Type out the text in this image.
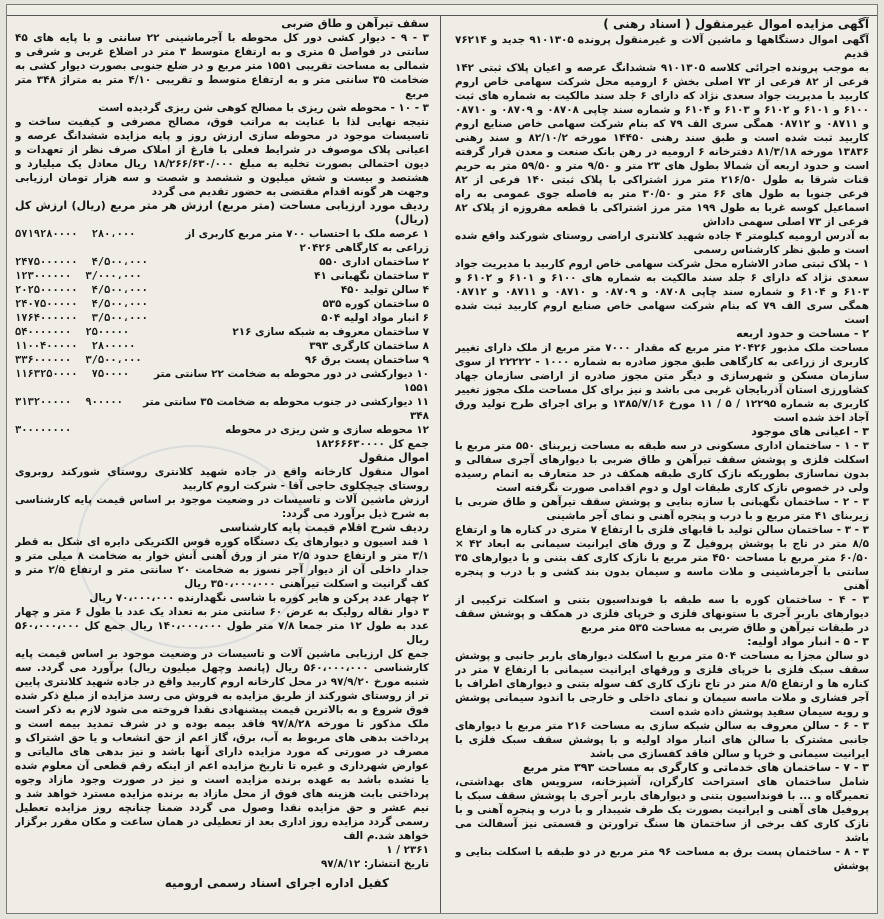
آگهی مزایده اموال غیرمنقول ( اسناد رهنی )

آگهی اموال دستگاهها و ماشین آلات و غیرمنقول پرونده ۹۱۰۱۳۰۵ جدید و ۷۶۲۱۴ قدیم

به موجب پرونده اجرائی کلاسه ۹۱۰۱۳۰۵ ششدانگ عرصه و اعیان پلاک ثبتی ۱۴۲ فرعی از ۸۲ فرعی از ۷۳ اصلی بخش ۶ ارومیه محل شرکت سهامی خاص اروم کاربید با مدیریت جواد سعدی نژاد که دارای ۶ جلد سند مالکیت به شماره های ثبت ۶۱۰۰ و ۶۱۰۱ و ۶۱۰۲ و ۶۱۰۳ و ۶۱۰۴ و شماره سند چاپی ۰۸۷۰۸ و ۰۸۷۰۹ و ۰۸۷۱۰ و ۰۸۷۱۱ و ۰۸۷۱۲ همگی سری الف ۷۹ که بنام شرکت سهامی خاص صنایع اروم کاربید ثبت شده است و طبق سند رهنی ۱۴۴۵۰ مورخه ۸۲/۱۰/۲ و سند رهنی ۱۳۸۳۶ مورخه ۸۱/۳/۱۸ دفترخانه ۶ ارومیه در رهن بانک صنعت و معدن قرار گرفته است و حدود اربعه آن شمالا بطول های ۲۳ متر و ۹/۵۰ متر و ۵۹/۵۰ متر به حریم قنات شرقا به طول ۲۱۶/۵۰ متر مرز اشتراکی با پلاک ثبتی ۱۴۰ فرعی از ۸۲ فرعی جنوبا به طول های ۶۶ متر و ۳۰/۵۰ متر به فاصله جوی عمومی به راه اسماعیل کوسه غربا به طول ۱۹۹ متر مرز اشتراکی با قطعه مفروزه از پلاک ۸۲ فرعی از ۷۳ اصلی سهمی داداش

به آدرس ارومیه کیلومتر ۴ جاده شهید کلانتری اراضی روستای شورکند واقع شده است و طبق نظر کارشناس رسمی

۱ - پلاک ثبتی صادر الاشاره محل شرکت سهامی خاص اروم کاربید با مدیریت جواد سعدی نژاد که دارای ۶ جلد سند مالکیت به شماره های ۶۱۰۰ و ۶۱۰۱ و ۶۱۰۲ و ۶۱۰۳ و ۶۱۰۴ و شماره سند چاپی ۰۸۷۰۸ و ۰۸۷۰۹ و ۰۸۷۱۰ و ۰۸۷۱۱ و ۰۸۷۱۲ همگی سری الف ۷۹ که بنام شرکت سهامی خاص صنایع اروم کاربید ثبت شده است

۲ - مساحت و حدود اربعه

مساحت ملک مذبور ۲۰۴۲۶ متر مربع که مقدار ۷۰۰۰ متر مربع از ملک دارای تغییر کاربری از زراعی به کارگاهی طبق مجوز صادره به شماره ۱۰۰۰ - ۲۲۲۲۲ از سوی سازمان مسکن و شهرسازی و دیگر متن مجوز صادره از اراضی سازمان جهاد کشاورزی استان آذربایجان غربی می باشد و نیز برای کل مساحت ملک مجوز تغییر کاربری به شماره ۱۲۲۹۵ / ۵ / ۱۱ مورخ ۱۳۸۵/۷/۱۶ و برای اجرای طرح تولید ورق آجاد اخذ شده است

۳ - اعیانی های موجود

۳ - ۱ - ساختمان اداری مسکونی در سه طبقه به مساحت زیربنای ۵۵۰ متر مربع با اسکلت فلزی و پوشش سقف تیرآهن و طاق ضربی با دیوارهای آجری سفالی و بدون نماسازی بطوریکه نازک کاری طبقه همکف در حد متعارف به اتمام رسیده ولی در خصوص نازک کاری طبقات اول و دوم اقدامی صورت نگرفته است

۳ - ۲ - ساختمان نگهبانی با سازه بنایی و پوشش سقف تیرآهن و طاق ضربی با زیربنای ۴۱ متر مربع و با درب و پنجره آهنی و نمای آجر ماشینی

۳ - ۳ - ساختمان سالن تولید با قابهای فلزی با ارتفاع ۷ متری در کناره ها و ارتفاع ۸/۵ متر در تاج با پوشش پروفیل Z و ورق های ایرانیت سیمانی به ابعاد ۴۲ × ۶۰/۵۰ متر مربع با مساحت ۴۵۰ متر مربع با نازک کاری کف بتنی و با دیوارهای ۳۵ سانتی با آجرماشینی و ملات ماسه و سیمان بدون بند کشی و با درب و پنجره آهنی

۳ - ۴ - ساختمان کوره با سه طبقه با فونداسیون بتنی و اسکلت ترکیبی از دیوارهای باربر آجری با ستونهای فلزی و خرپای فلزی در همکف و پوشش سقف در طبقات تیرآهن و طاق ضربی به مساحت ۵۳۵ متر مربع

۳ - ۵ - انبار مواد اولیه:

دو سالن مجزا به مساحت ۵۰۴ متر مربع با اسکلت دیوارهای باربر جانبی و پوشش سقف سبک فلزی با خرپای فلزی و ورقهای ایرانیت سیمانی با ارتفاع ۷ متر در کناره ها و ارتفاع ۸/۵ متر در تاج نازک کاری کف سوله بتنی و دیوارهای اطراف با آجر فشاری و ملات ماسه سیمان و نمای داخلی و خارجی با اندود سیمانی پوشش و رویه سیمان سفید پوشش داده شده است

۳ - ۶ - سالن معروف به سالن شبکه سازی به مساحت ۲۱۶ متر مربع با دیوارهای جانبی مشترک با سالن های انبار مواد اولیه و با پوشش سقف سبک فلزی با ایرانیت سیمانی و خرپا و سالن فاقد کفسازی می باشد

۳ - ۷ - ساختمان های خدماتی و کارگری به مساحت ۳۹۳ متر مربع

شامل ساختمان های استراحت کارگران، آشپزخانه، سرویس های بهداشتی، تعمیرگاه و ... با فونداسیون بتنی و دیوارهای باربر آجری با پوشش سقف سبک با پروفیل های آهنی و ایرانیت بصورت یک طرف شیبدار و با درب و پنجره آهنی و با نازک کاری کف برخی از ساختمان ها سنگ تراورتن و قسمتی نیز آسفالت می باشد

۳ - ۸ - ساختمان پست برق به مساحت ۹۶ متر مربع در دو طبقه با اسکلت بنایی و پوشش

سقف تیرآهن و طاق ضربی

۳ - ۹ - دیوار کشی دور کل محوطه با آجرماشینی ۲۲ سانتی و با پایه های ۴۵ سانتی در فواصل ۵ متری و به ارتفاع متوسط ۳ متر در اضلاع غربی و شرقی و شمالی به مساحت تقریبی ۱۵۵۱ متر مربع و در ضلع جنوبی بصورت دیوار کشی به ضخامت ۳۵ سانتی متر و به ارتفاع متوسط و تقریبی ۴/۱۰ متر به متراژ ۳۴۸ متر مربع

۳ - ۱۰ - محوطه شن ریزی با مصالح کوهی شن ریزی گردیده است

نتیجه نهایی لذا با عنایت به مراتب فوق، مصالح مصرفی و کیفیت ساخت و تاسیسات موجود در محوطه سازی ارزش روز و پایه مزایده ششدانگ عرصه و اعیانی پلاک موصوف در شرایط فعلی با فارغ از املاک صرف نظر از تعهدات و دیون احتمالی بصورت تخلیه به مبلغ ۱۸/۲۶۶/۶۳۰/۰۰۰ ریال معادل یک میلیارد و هشتصد و بیست و شش میلیون و ششصد و شصت و سه هزار تومان ارزیابی وجهت هر گونه اقدام مقتضی به حضور تقدیم می گردد

ردیف مورد ارزیابی مساحت (متر مربع) ارزش هر متر مربع (ریال) ارزش کل (ریال)

۱ عرصه ملک با احتساب ۷۰۰ متر مربع کاربری از زراعی به کارگاهی ۲۰۴۲۶
۲۸۰،۰۰۰
۵۷۱۹۲۸۰۰۰۰
۲ ساختمان اداری ۵۵۰
۴/۵۰۰،۰۰۰
۲۴۷۵۰۰۰۰۰۰
۳ ساختمان نگهبانی ۴۱
۳/۰۰۰،۰۰۰
۱۲۳۰۰۰۰۰۰
۴ سالن تولید ۴۵۰
۴/۵۰۰،۰۰۰
۲۰۲۵۰۰۰۰۰۰
۵ ساختمان کوره ۵۳۵
۴/۵۰۰،۰۰۰
۲۴۰۷۵۰۰۰۰۰
۶ انبار مواد اولیه ۵۰۴
۳/۵۰۰،۰۰۰
۱۷۶۴۰۰۰۰۰۰
۷ ساختمان معروف به شبکه سازی ۲۱۶
۲۵۰۰۰۰۰
۵۴۰۰۰۰۰۰۰
۸ ساختمان کارگری ۳۹۳
۲۸۰۰۰۰۰
۱۱۰۰۴۰۰۰۰۰
۹ ساختمان پست برق ۹۶
۳/۵۰۰،۰۰۰
۳۳۶۰۰۰۰۰۰
۱۰ دیوارکشی در دور محوطه به ضخامت ۲۲ سانتی متر ۱۵۵۱
۷۵۰۰۰۰
۱۱۶۳۲۵۰۰۰۰
۱۱ دیوارکشی در جنوب محوطه به ضخامت ۳۵ سانتی متر ۳۴۸
۹۰۰۰۰۰
۳۱۳۲۰۰۰۰۰
۱۲ محوطه سازی و شن ریزی در محوطه
۳۰۰۰۰۰۰۰۰

جمع کل ۱۸۲۶۶۶۳۰۰۰۰

اموال منقول

اموال منقول کارخانه واقع در جاده شهید کلانتری روستای شورکند روبروی روستای چیچکلوی حاجی آقا - شرکت اروم کاربید

ارزش ماشین آلات و تاسیسات در وضعیت موجود بر اساس قیمت پایه کارشناسی به شرح ذیل برآورد می گردد:

ردیف شرح اقلام قیمت پایه کارشناسی

۱ فند اسیون و دیوارهای یک دستگاه کوره قوس الکتریکی دایره ای شکل به قطر ۳/۱ متر و ارتفاع حدود ۲/۵ متر از ورق آهنی آنش خوار به ضخامت ۸ میلی متر و جدار داخلی آن از دیوار آجر نسوز به ضخامت ۲۰ سانتی متر و ارتفاع ۲/۵ متر و کف گرانیت و اسکلت تیرآهنی ۳۵۰،۰۰۰،۰۰۰ ریال

۲ چهار عدد پرکن و هایر کوره با شاسی نگهدارنده ۷۰،۰۰۰،۰۰۰ ریال

۳ دوار نقاله رولیک به عرض ۶۰ سانتی متر به تعداد یک عدد با طول ۶ متر و چهار عدد به طول ۱۲ متر جمعا ۷/۸ متر طول ۱۴۰،۰۰۰،۰۰۰ ریال جمع کل ۵۶۰،۰۰۰،۰۰۰ ریال

جمع کل ارزیابی ماشین آلات و تاسیسات در وضعیت موجود بر اساس قیمت پایه کارشناسی ۵۶۰،۰۰۰،۰۰۰ ریال (پانصد وچهل میلیون ریال) برآورد می گردد. سه شنبه مورخ ۹۷/۹/۲۰ در محل کارخانه اروم کاربید واقع در جاده شهید کلانتری پایین تر از روستای شورکند از طریق مزایده به فروش می رسد مزایده از مبلغ ذکر شده فوق شروع و به بالاترین قیمت پیشنهادی نقدا فروخته می شود لازم به ذکر است ملک مذکور تا مورخه ۹۷/۸/۲۸ فاقد بیمه بوده و در شرف تمدید بیمه است و پرداخت بدهی های مربوط به آب، برق، گاز اعم از حق انشعاب و یا حق اشتراک و مصرف در صورتی که مورد مزایده دارای آنها باشد و نیز بدهی های مالیاتی و عوارض شهرداری و غیره تا تاریخ مزایده اعم از اینکه رقم قطعی آن معلوم شده یا نشده باشد به عهده برنده مزایده است و نیز در صورت وجود مازاد وجوه پرداختی بابت هزینه های فوق از محل مازاد به برنده مزایده مسترد خواهد شد و نیم عشر و حق مزایده نقدا وصول می گردد ضمنا چنانچه روز مزایده تعطیل رسمی گردد مزایده روز اداری بعد از تعطیلی در همان ساعت و مکان مقرر برگزار خواهد شد.م الف

۲۳۶۱ / ۱

تاریخ انتشار: ۹۷/۸/۱۲

کفیل اداره اجرای اسناد رسمی ارومیه
